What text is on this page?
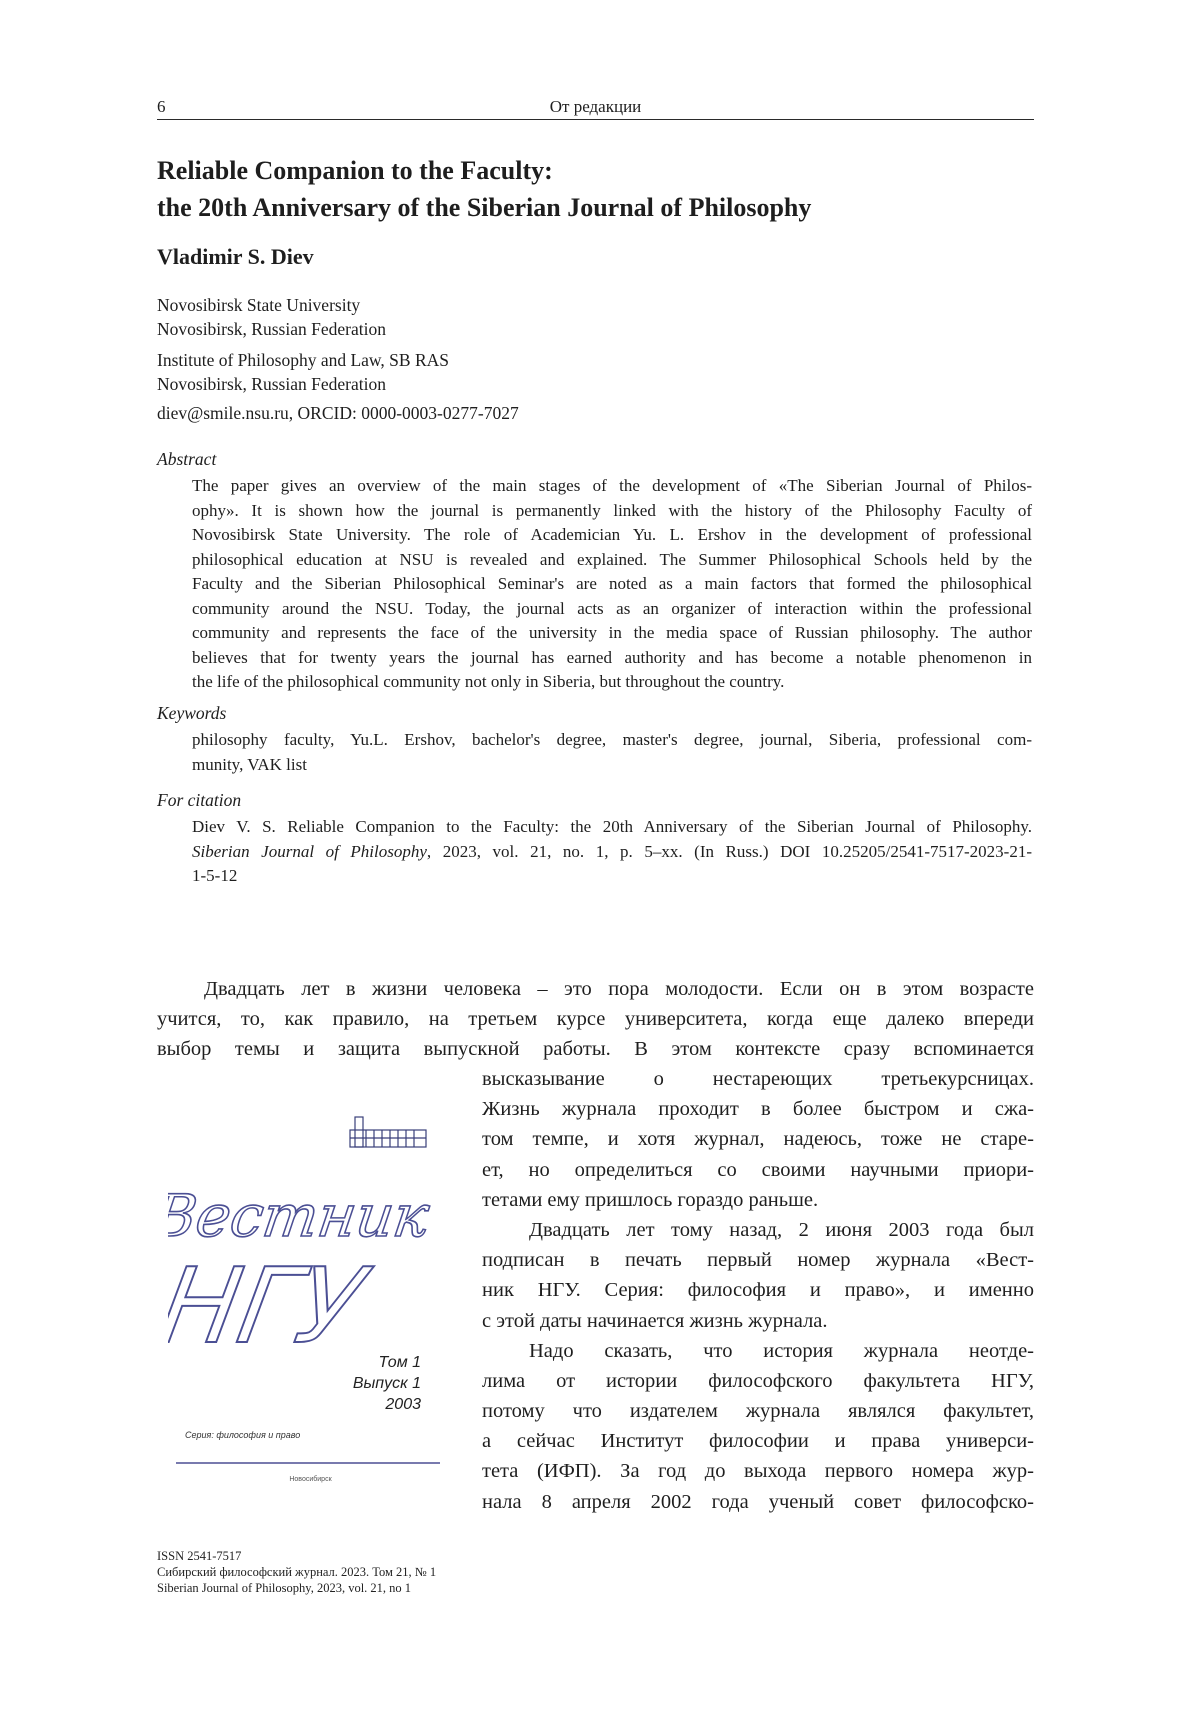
6	От редакции
Reliable Companion to the Faculty:
the 20th Anniversary of the Siberian Journal of Philosophy
Vladimir S. Diev
Novosibirsk State University
Novosibirsk, Russian Federation
Institute of Philosophy and Law, SB RAS
Novosibirsk, Russian Federation
diev@smile.nsu.ru, ORCID: 0000-0003-0277-7027
Abstract
The paper gives an overview of the main stages of the development of «The Siberian Journal of Philos-
ophy». It is shown how the journal is permanently linked with the history of the Philosophy Faculty of
Novosibirsk State University. The role of Academician Yu. L. Ershov in the development of professional
philosophical education at NSU is revealed and explained. The Summer Philosophical Schools held by the
Faculty and the Siberian Philosophical Seminar's are noted as a main factors that formed the philosophical
community around the NSU. Today, the journal acts as an organizer of interaction within the professional
community and represents the face of the university in the media space of Russian philosophy. The author
believes that for twenty years the journal has earned authority and has become a notable phenomenon in
the life of the philosophical community not only in Siberia, but throughout the country.
Keywords
philosophy faculty, Yu.L. Ershov, bachelor's degree, master's degree, journal, Siberia, professional com-
munity, VAK list
For citation
Diev V. S. Reliable Companion to the Faculty: the 20th Anniversary of the Siberian Journal of Philosophy.
Siberian Journal of Philosophy, 2023, vol. 21, no. 1, p. 5–xx. (In Russ.) DOI 10.25205/2541-7517-2023-21-
1-5-12
Двадцать лет в жизни человека – это пора молодости. Если он в этом возрасте
учится, то, как правило, на третьем курсе университета, когда еще далеко впереди
выбор темы и защита выпускной работы. В этом контексте сразу вспоминается
высказывание о нестареющих третьекурсницах.
Жизнь журнала проходит в более быстром и сжа-
том темпе, и хотя журнал, надеюсь, тоже не старе-
ет, но определиться со своими научными приори-
тетами ему пришлось гораздо раньше.
Двадцать лет тому назад, 2 июня 2003 года был
подписан в печать первый номер журнала «Вест-
ник НГУ. Серия: философия и право», и именно
с этой даты начинается жизнь журнала.
Надо сказать, что история журнала неотде-
лима от истории философского факультета НГУ,
потому что издателем журнала являлся факультет,
а сейчас Институт философии и права универси-
тета (ИФП). За год до выхода первого номера жур-
нала 8 апреля 2002 года ученый совет философско-
Вестник
НГУ Том 1
Выпуск 1
2003
Серия: философия и право
Новосибирск
ISSN 2541-7517
Сибирский философский журнал. 2023. Том 21, № 1
Siberian Journal of Philosophy, 2023, vol. 21, no 1
